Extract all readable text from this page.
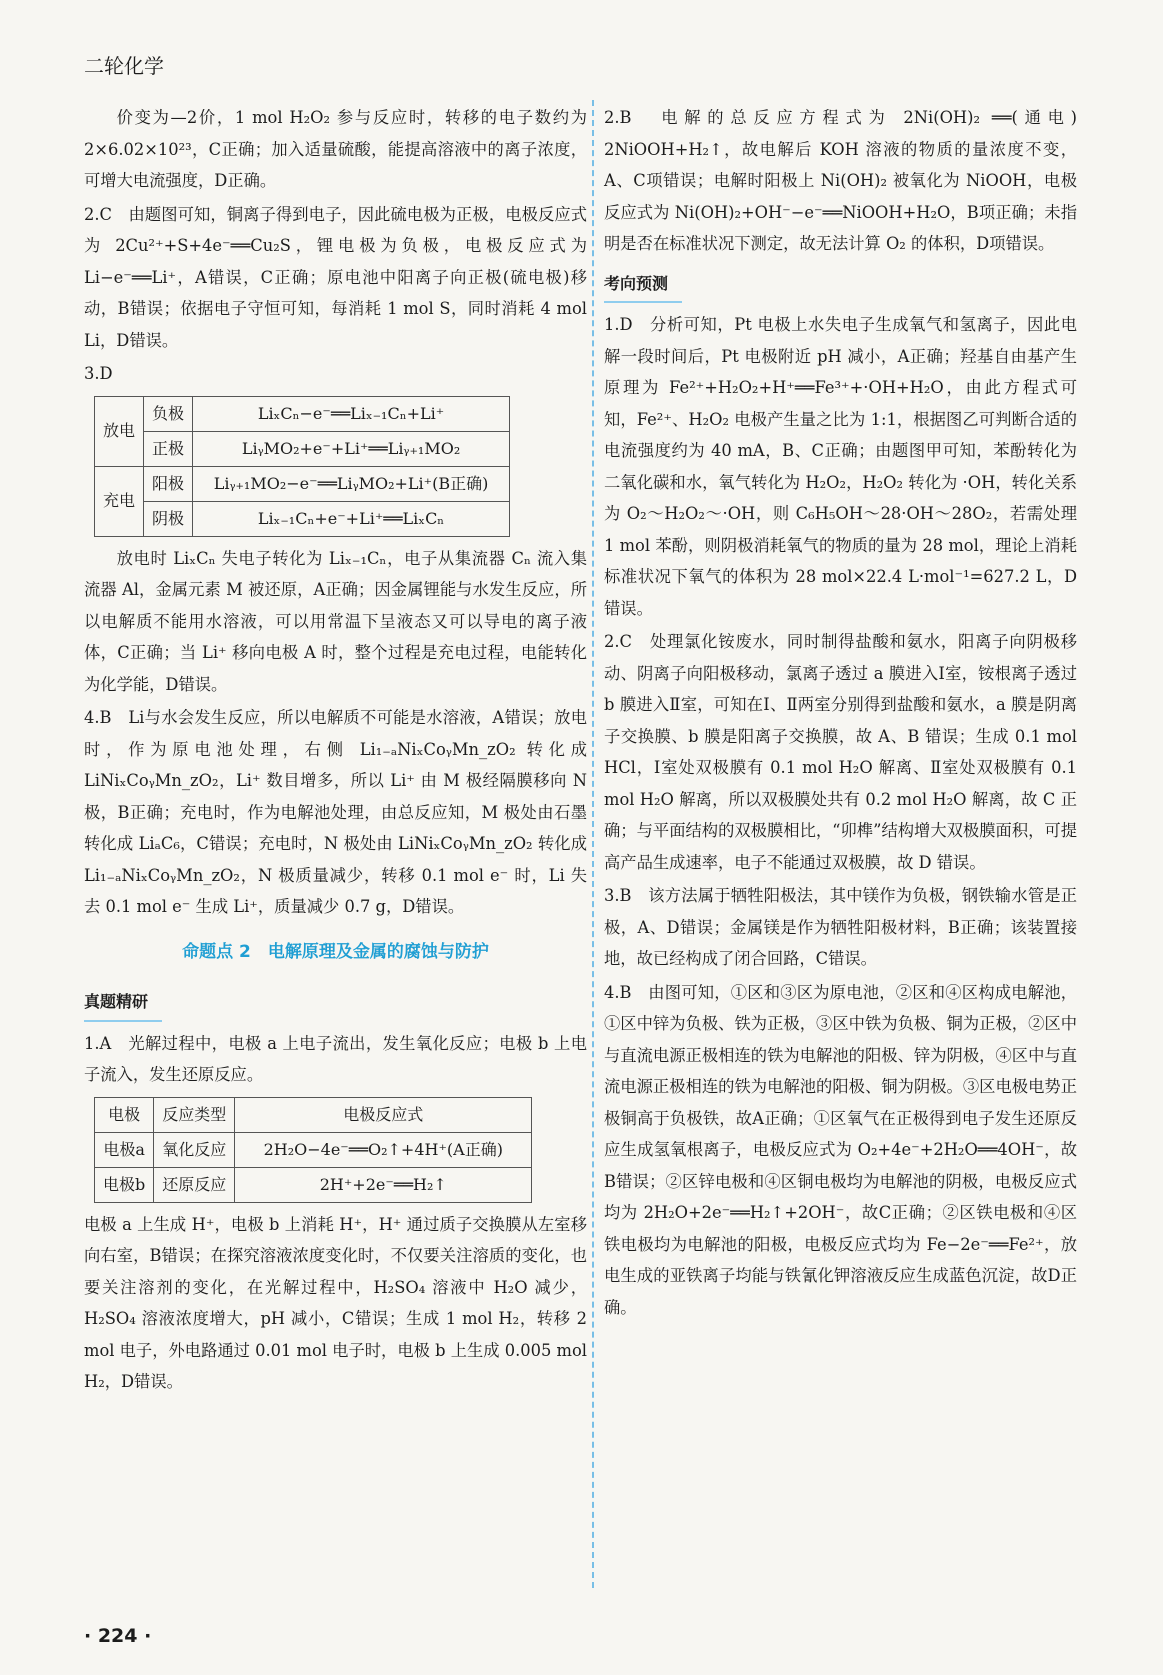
二轮化学

价变为—2价，1 mol H₂O₂ 参与反应时，转移的电子数约为 2×6.02×10²³，C正确；加入适量硫酸，能提高溶液中的离子浓度，可增大电流强度，D正确。

2.C　由题图可知，铜离子得到电子，因此硫电极为正极，电极反应式为 2Cu²⁺+S+4e⁻══Cu₂S，锂电极为负极，电极反应式为 Li−e⁻══Li⁺，A错误，C正确；原电池中阳离子向正极(硫电极)移动，B错误；依据电子守恒可知，每消耗 1 mol S，同时消耗 4 mol Li，D错误。

3.D

放电	负极	LiₓCₙ−e⁻══Liₓ₋₁Cₙ+Li⁺
	正极	LiᵧMO₂+e⁻+Li⁺══Liᵧ₊₁MO₂
充电	阳极	Liᵧ₊₁MO₂−e⁻══LiᵧMO₂+Li⁺(B正确)
	阴极	Liₓ₋₁Cₙ+e⁻+Li⁺══LiₓCₙ

放电时 LiₓCₙ 失电子转化为 Liₓ₋₁Cₙ，电子从集流器 Cₙ 流入集流器 Al，金属元素 M 被还原，A正确；因金属锂能与水发生反应，所以电解质不能用水溶液，可以用常温下呈液态又可以导电的离子液体，C正确；当 Li⁺ 移向电极 A 时，整个过程是充电过程，电能转化为化学能，D错误。

4.B　Li与水会发生反应，所以电解质不可能是水溶液，A错误；放电时，作为原电池处理，右侧 Li₁₋ₐNiₓCoᵧMn_zO₂ 转化成 LiNiₓCoᵧMn_zO₂，Li⁺ 数目增多，所以 Li⁺ 由 M 极经隔膜移向 N 极，B正确；充电时，作为电解池处理，由总反应知，M 极处由石墨转化成 LiₐC₆，C错误；充电时，N 极处由 LiNiₓCoᵧMn_zO₂ 转化成 Li₁₋ₐNiₓCoᵧMn_zO₂，N 极质量减少，转移 0.1 mol e⁻ 时，Li 失去 0.1 mol e⁻ 生成 Li⁺，质量减少 0.7 g，D错误。

命题点 2　电解原理及金属的腐蚀与防护
真题精研

1.A　光解过程中，电极 a 上电子流出，发生氧化反应；电极 b 上电子流入，发生还原反应。

电极	反应类型	电极反应式
电极a	氧化反应	2H₂O−4e⁻══O₂↑+4H⁺(A正确)
电极b	还原反应	2H⁺+2e⁻══H₂↑

电极 a 上生成 H⁺，电极 b 上消耗 H⁺，H⁺ 通过质子交换膜从左室移向右室，B错误；在探究溶液浓度变化时，不仅要关注溶质的变化，也要关注溶剂的变化，在光解过程中，H₂SO₄ 溶液中 H₂O 减少，H₂SO₄ 溶液浓度增大，pH 减小，C错误；生成 1 mol H₂，转移 2 mol 电子，外电路通过 0.01 mol 电子时，电极 b 上生成 0.005 mol H₂，D错误。

2.B　电解的总反应方程式为 2Ni(OH)₂ ══(通电) 2NiOOH+H₂↑，故电解后 KOH 溶液的物质的量浓度不变，A、C项错误；电解时阳极上 Ni(OH)₂ 被氧化为 NiOOH，电极反应式为 Ni(OH)₂+OH⁻−e⁻══NiOOH+H₂O，B项正确；未指明是否在标准状况下测定，故无法计算 O₂ 的体积，D项错误。

考向预测

1.D　分析可知，Pt 电极上水失电子生成氧气和氢离子，因此电解一段时间后，Pt 电极附近 pH 减小，A正确；羟基自由基产生原理为 Fe²⁺+H₂O₂+H⁺══Fe³⁺+·OH+H₂O，由此方程式可知，Fe²⁺、H₂O₂ 电极产生量之比为 1:1，根据图乙可判断合适的电流强度约为 40 mA，B、C正确；由题图甲可知，苯酚转化为二氧化碳和水，氧气转化为 H₂O₂，H₂O₂ 转化为 ·OH，转化关系为 O₂～H₂O₂～·OH，则 C₆H₅OH～28·OH～28O₂，若需处理 1 mol 苯酚，则阴极消耗氧气的物质的量为 28 mol，理论上消耗标准状况下氧气的体积为 28 mol×22.4 L·mol⁻¹=627.2 L，D错误。

2.C　处理氯化铵废水，同时制得盐酸和氨水，阳离子向阴极移动、阴离子向阳极移动，氯离子透过 a 膜进入Ⅰ室，铵根离子透过 b 膜进入Ⅱ室，可知在Ⅰ、Ⅱ两室分别得到盐酸和氨水，a 膜是阴离子交换膜、b 膜是阳离子交换膜，故 A、B 错误；生成 0.1 mol HCl，Ⅰ室处双极膜有 0.1 mol H₂O 解离、Ⅱ室处双极膜有 0.1 mol H₂O 解离，所以双极膜处共有 0.2 mol H₂O 解离，故 C 正确；与平面结构的双极膜相比，“卯榫”结构增大双极膜面积，可提高产品生成速率，电子不能通过双极膜，故 D 错误。

3.B　该方法属于牺牲阳极法，其中镁作为负极，钢铁输水管是正极，A、D错误；金属镁是作为牺牲阳极材料，B正确；该装置接地，故已经构成了闭合回路，C错误。

4.B　由图可知，①区和③区为原电池，②区和④区构成电解池，①区中锌为负极、铁为正极，③区中铁为负极、铜为正极，②区中与直流电源正极相连的铁为电解池的阳极、锌为阴极，④区中与直流电源正极相连的铁为电解池的阳极、铜为阴极。③区电极电势正极铜高于负极铁，故A正确；①区氧气在正极得到电子发生还原反应生成氢氧根离子，电极反应式为 O₂+4e⁻+2H₂O══4OH⁻，故B错误；②区锌电极和④区铜电极均为电解池的阴极，电极反应式均为 2H₂O+2e⁻══H₂↑+2OH⁻，故C正确；②区铁电极和④区铁电极均为电解池的阳极，电极反应式均为 Fe−2e⁻══Fe²⁺，放电生成的亚铁离子均能与铁氰化钾溶液反应生成蓝色沉淀，故D正确。

· 224 ·
